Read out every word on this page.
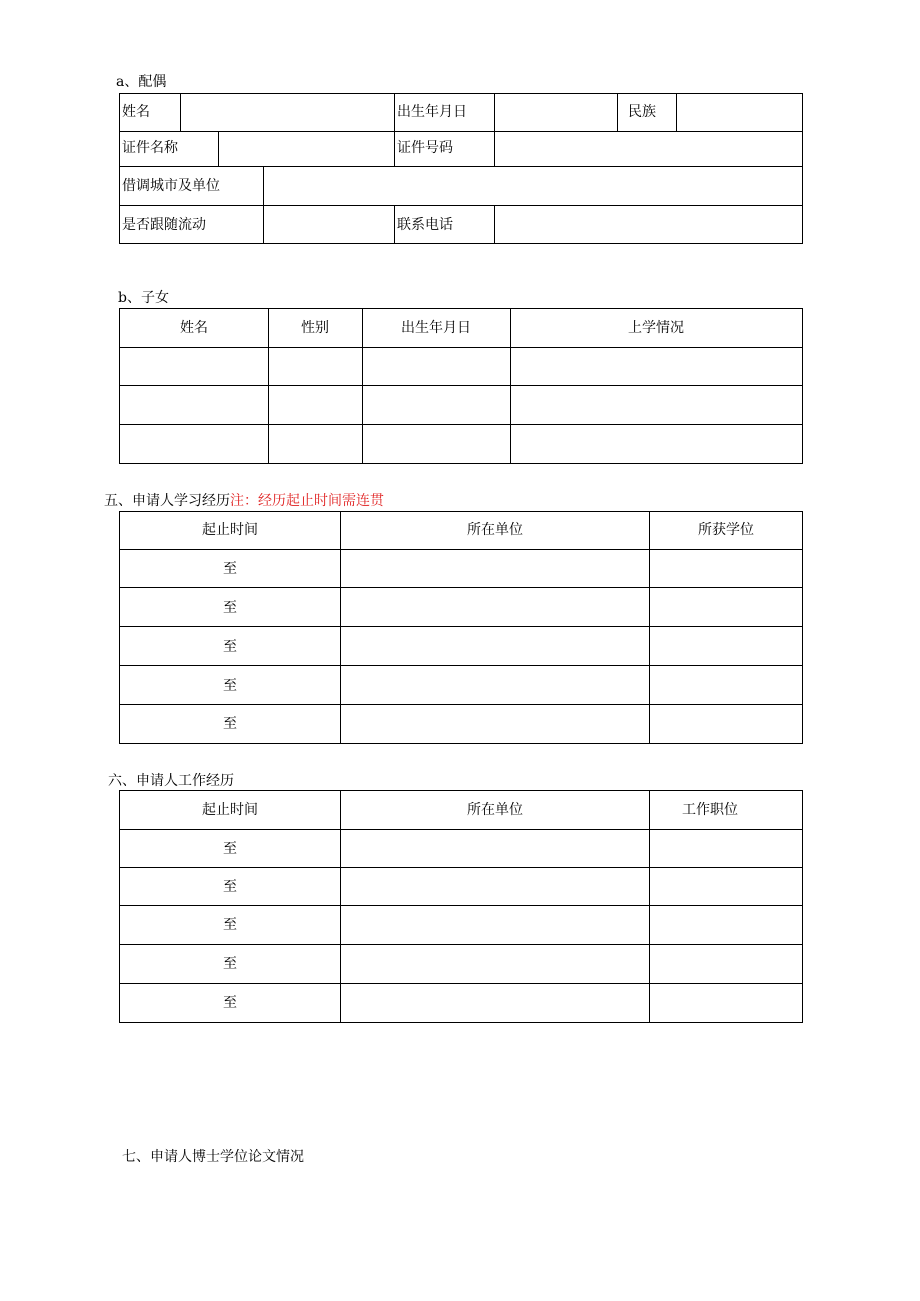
a、配偶
姓名	出生年月日	民族
证件名称	证件号码
借调城市及单位
是否跟随流动	联系电话
b、子女
姓名	性别	出生年月日	上学情况
五、申请人学习经历注：经历起止时间需连贯
起止时间	所在单位	所获学位
至
至
至
至
至
六、申请人工作经历
起止时间	所在单位	工作职位
至
至
至
至
至
七、申请人博士学位论文情况
